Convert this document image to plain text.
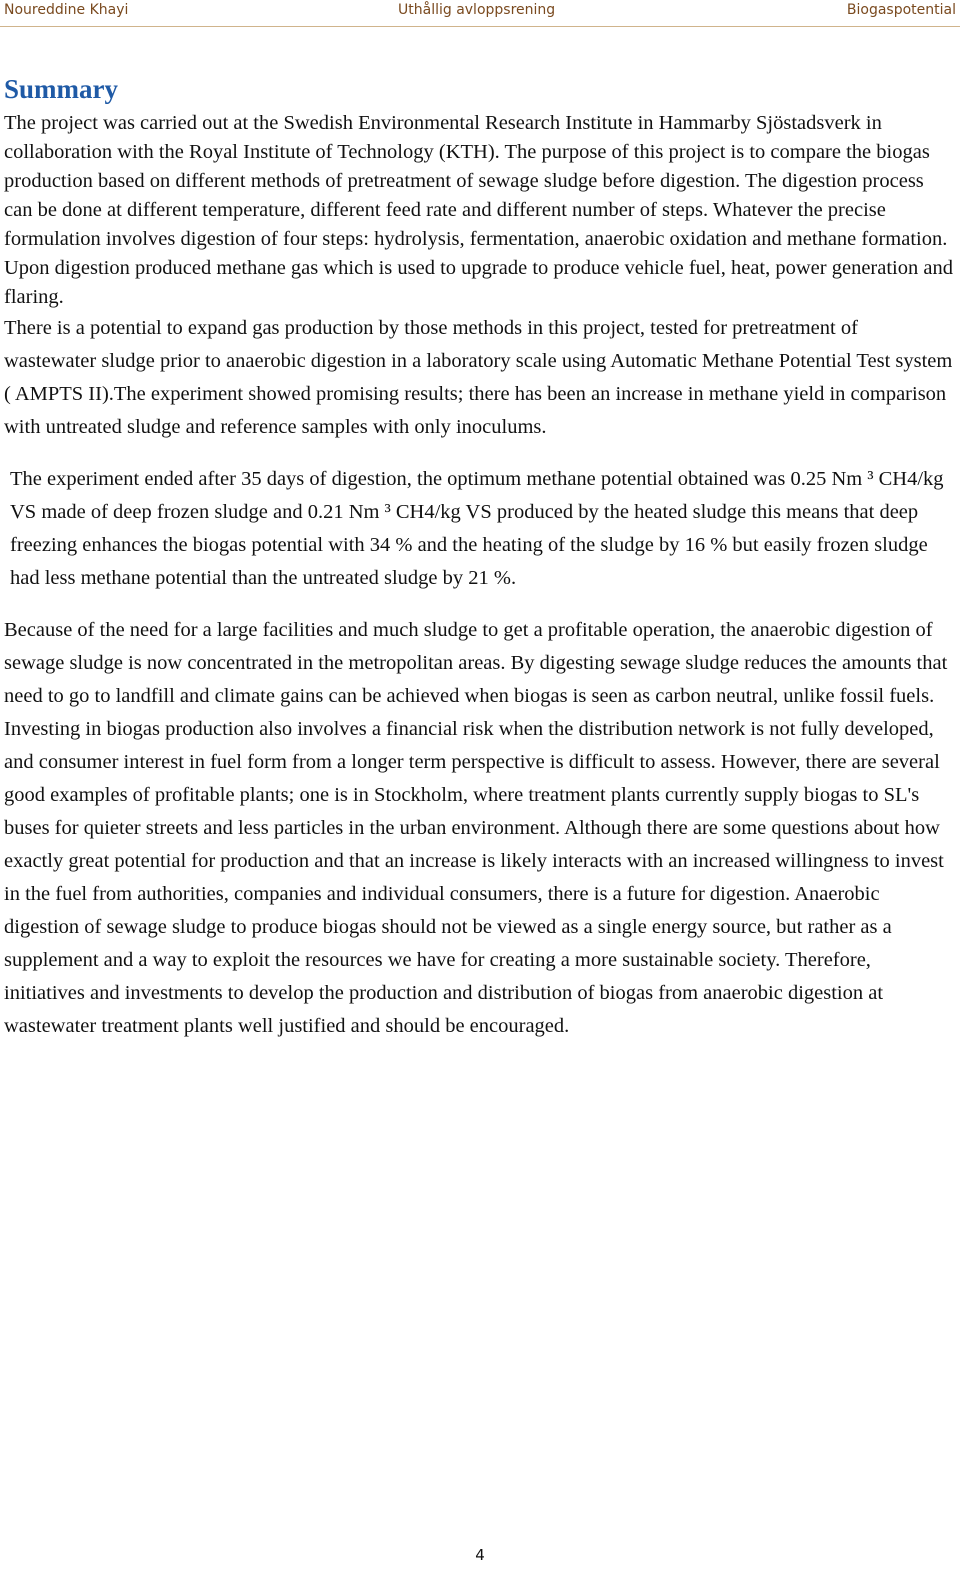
Noureddine Khayi	Uthållig avloppsrening	Biogaspotential
Summary

The project was carried out at the Swedish Environmental Research Institute in Hammarby Sjöstadsverk in collaboration with the Royal Institute of Technology (KTH). The purpose of this project is to compare the biogas production based on different methods of pretreatment of sewage sludge before digestion. The digestion process can be done at different temperature, different feed rate and different number of steps. Whatever the precise formulation involves digestion of four steps: hydrolysis, fermentation, anaerobic oxidation and methane formation. Upon digestion produced methane gas which is used to upgrade to produce vehicle fuel, heat, power generation and flaring.

There is a potential to expand gas production by those methods in this project, tested for pretreatment of wastewater sludge prior to anaerobic digestion in a laboratory scale using Automatic Methane Potential Test system ( AMPTS II).The experiment showed promising results; there has been an increase in methane yield in comparison with untreated sludge and reference samples with only inoculums.

The experiment ended after 35 days of digestion, the optimum methane potential obtained was 0.25 Nm ³ CH4/kg VS made of deep frozen sludge and 0.21 Nm ³ CH4/kg VS produced by the heated sludge this means that deep freezing enhances the biogas potential with 34 % and the heating of the sludge by 16 % but easily frozen sludge had less methane potential than the untreated sludge by 21 %.

Because of the need for a large facilities and much sludge to get a profitable operation, the anaerobic digestion of sewage sludge is now concentrated in the metropolitan areas. By digesting sewage sludge reduces the amounts that need to go to landfill and climate gains can be achieved when biogas is seen as carbon neutral, unlike fossil fuels. Investing in biogas production also involves a financial risk when the distribution network is not fully developed, and consumer interest in fuel form from a longer term perspective is difficult to assess. However, there are several good examples of profitable plants; one is in Stockholm, where treatment plants currently supply biogas to SL's buses for quieter streets and less particles in the urban environment. Although there are some questions about how exactly great potential for production and that an increase is likely interacts with an increased willingness to invest in the fuel from authorities, companies and individual consumers, there is a future for digestion. Anaerobic digestion of sewage sludge to produce biogas should not be viewed as a single energy source, but rather as a supplement and a way to exploit the resources we have for creating a more sustainable society. Therefore, initiatives and investments to develop the production and distribution of biogas from anaerobic digestion at wastewater treatment plants well justified and should be encouraged.

4
